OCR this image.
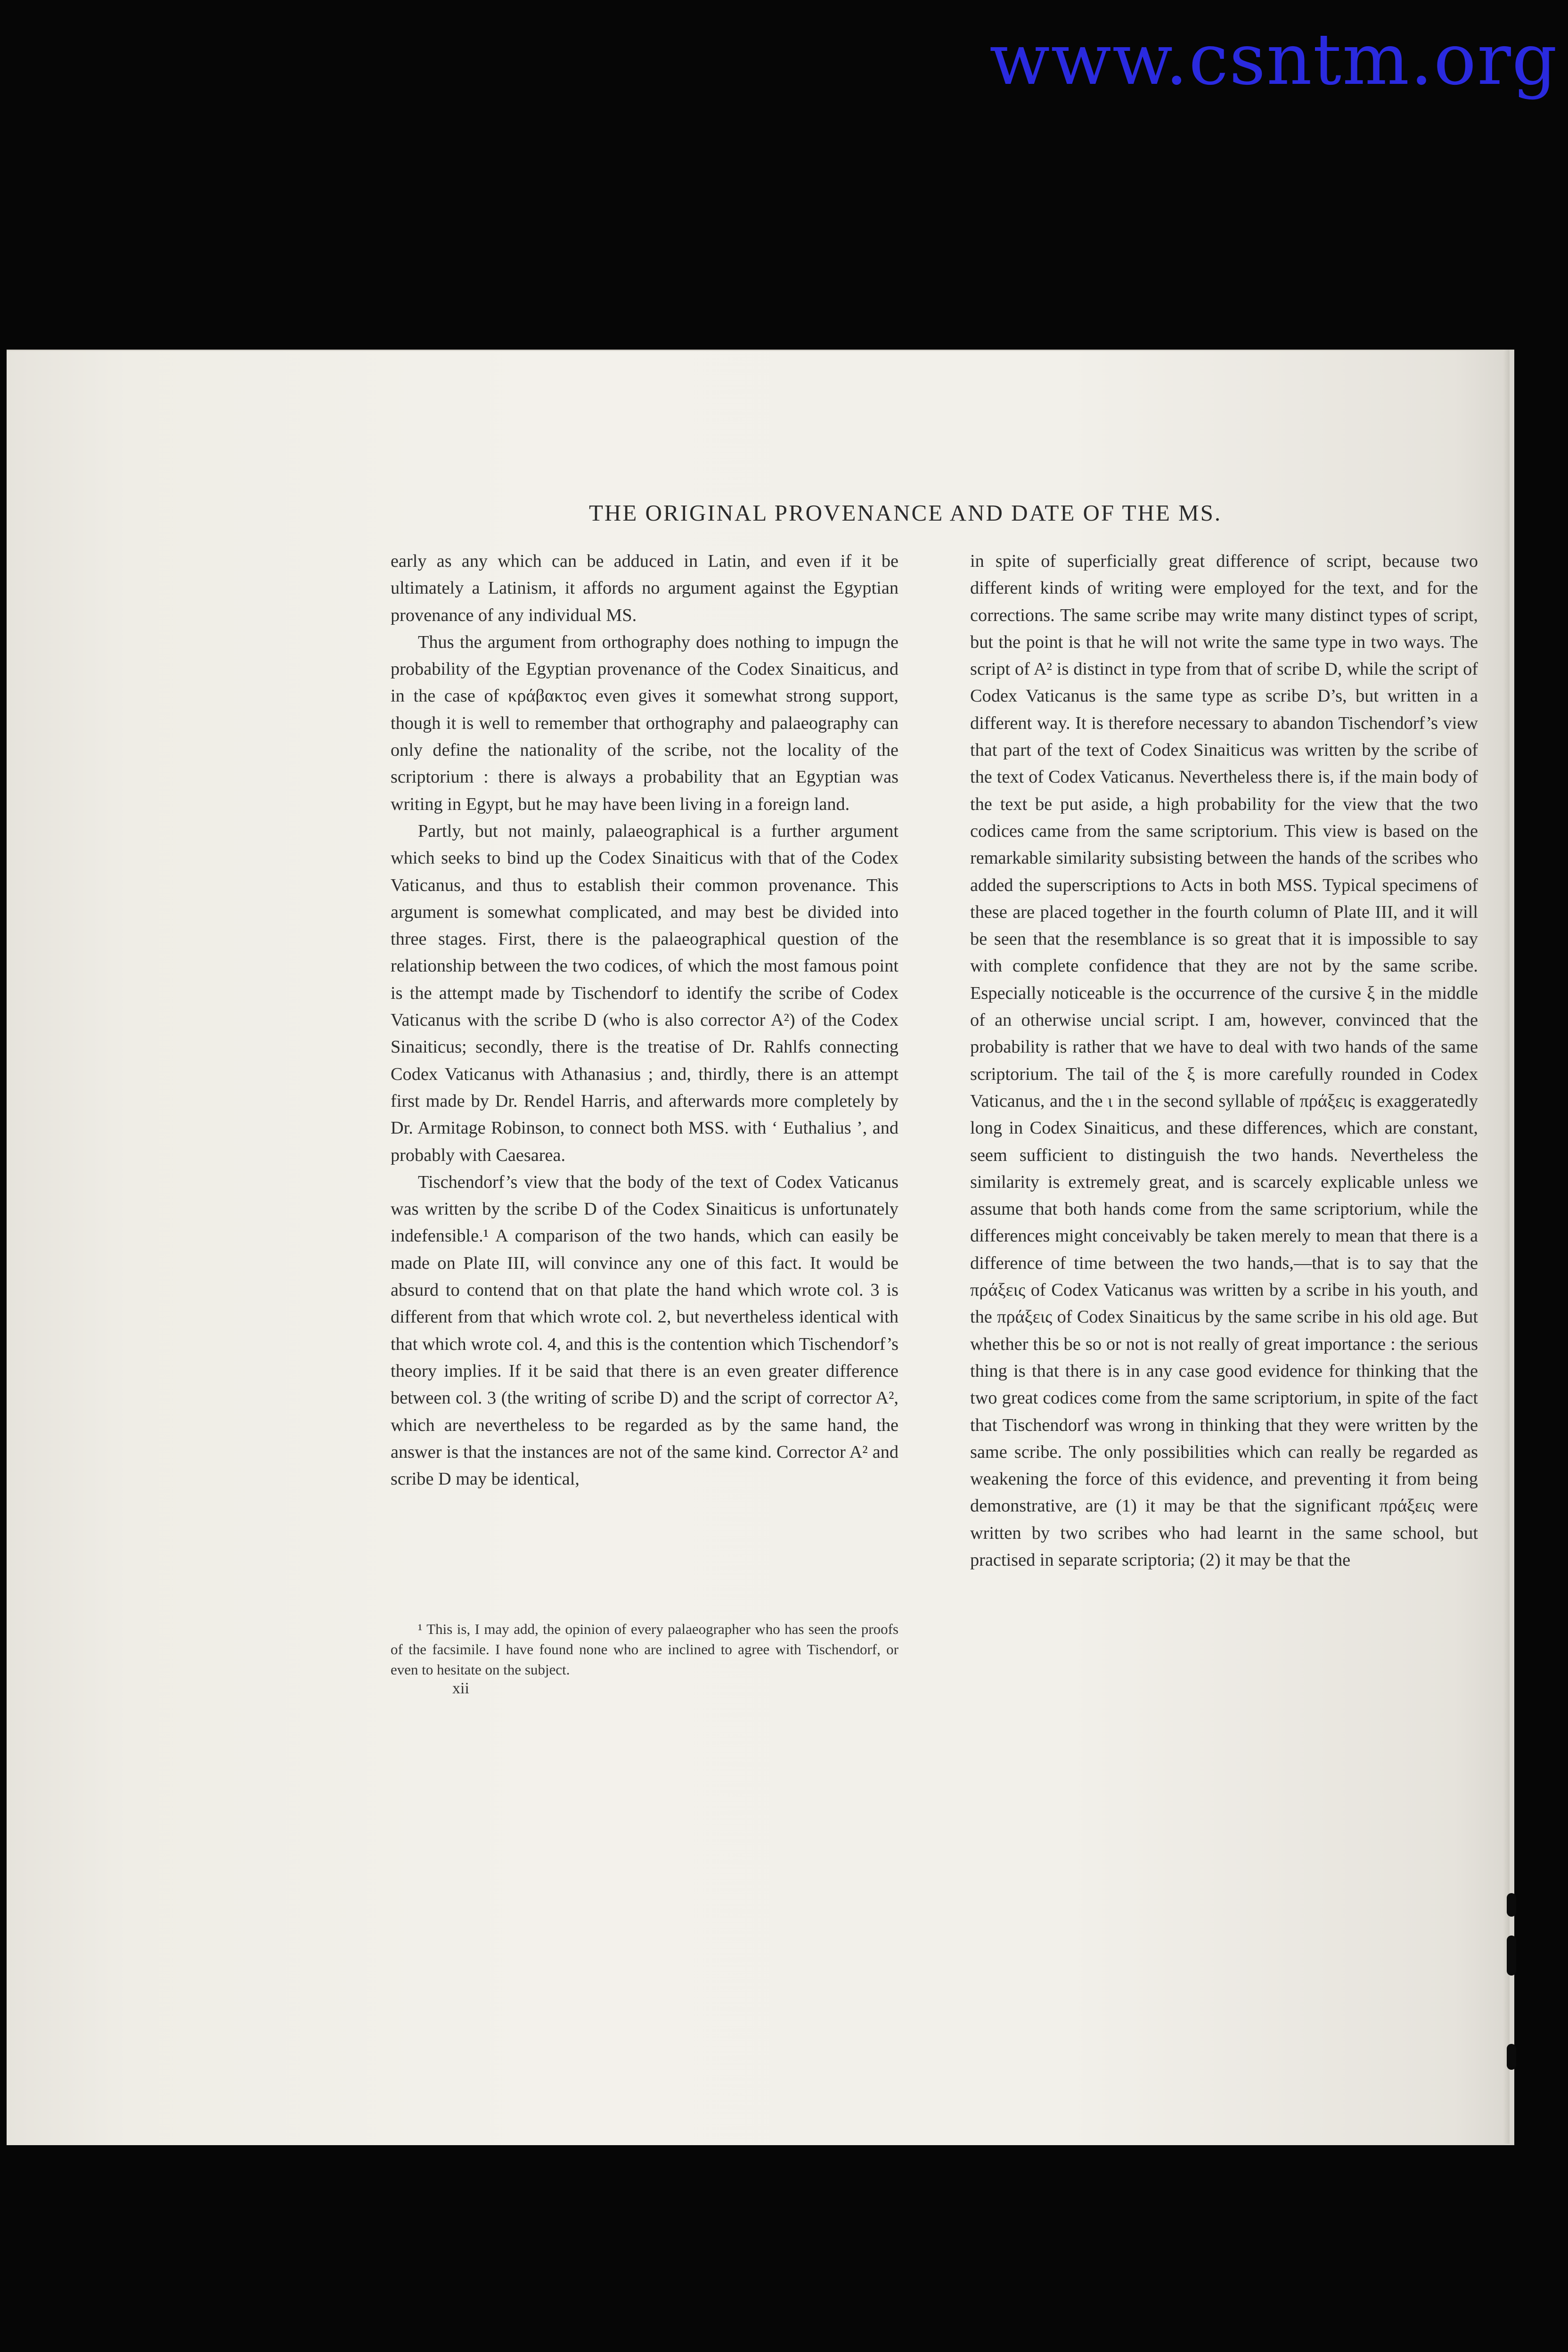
www.csntm.org
THE ORIGINAL PROVENANCE AND DATE OF THE MS.

early as any which can be adduced in Latin, and even if it be ultimately a Latinism, it affords no argument against the Egyptian provenance of any individual MS.

Thus the argument from orthography does nothing to impugn the probability of the Egyptian provenance of the Codex Sinaiticus, and in the case of κράβακτος even gives it somewhat strong support, though it is well to remember that orthography and palaeography can only define the nationality of the scribe, not the locality of the scriptorium : there is always a probability that an Egyptian was writing in Egypt, but he may have been living in a foreign land.

Partly, but not mainly, palaeographical is a further argument which seeks to bind up the Codex Sinaiticus with that of the Codex Vaticanus, and thus to establish their common provenance. This argument is somewhat complicated, and may best be divided into three stages. First, there is the palaeographical question of the relationship between the two codices, of which the most famous point is the attempt made by Tischendorf to identify the scribe of Codex Vaticanus with the scribe D (who is also corrector A²) of the Codex Sinaiticus; secondly, there is the treatise of Dr. Rahlfs connecting Codex Vaticanus with Athanasius ; and, thirdly, there is an attempt first made by Dr. Rendel Harris, and afterwards more completely by Dr. Armitage Robinson, to connect both MSS. with ‘ Euthalius ’, and probably with Caesarea.

Tischendorf’s view that the body of the text of Codex Vaticanus was written by the scribe D of the Codex Sinaiticus is unfortunately indefensible.¹ A comparison of the two hands, which can easily be made on Plate III, will convince any one of this fact. It would be absurd to contend that on that plate the hand which wrote col. 3 is different from that which wrote col. 2, but nevertheless identical with that which wrote col. 4, and this is the contention which Tischendorf’s theory implies. If it be said that there is an even greater difference between col. 3 (the writing of scribe D) and the script of corrector A², which are nevertheless to be regarded as by the same hand, the answer is that the instances are not of the same kind. Corrector A² and scribe D may be identical,

in spite of superficially great difference of script, because two different kinds of writing were employed for the text, and for the corrections. The same scribe may write many distinct types of script, but the point is that he will not write the same type in two ways. The script of A² is distinct in type from that of scribe D, while the script of Codex Vaticanus is the same type as scribe D’s, but written in a different way. It is therefore necessary to abandon Tischendorf’s view that part of the text of Codex Sinaiticus was written by the scribe of the text of Codex Vaticanus. Nevertheless there is, if the main body of the text be put aside, a high probability for the view that the two codices came from the same scriptorium. This view is based on the remarkable similarity subsisting between the hands of the scribes who added the superscriptions to Acts in both MSS. Typical specimens of these are placed together in the fourth column of Plate III, and it will be seen that the resemblance is so great that it is impossible to say with complete confidence that they are not by the same scribe. Especially noticeable is the occurrence of the cursive ξ in the middle of an otherwise uncial script. I am, however, convinced that the probability is rather that we have to deal with two hands of the same scriptorium. The tail of the ξ is more carefully rounded in Codex Vaticanus, and the ι in the second syllable of πράξεις is exaggeratedly long in Codex Sinaiticus, and these differences, which are constant, seem sufficient to distinguish the two hands. Nevertheless the similarity is extremely great, and is scarcely explicable unless we assume that both hands come from the same scriptorium, while the differences might conceivably be taken merely to mean that there is a difference of time between the two hands,—that is to say that the πράξεις of Codex Vaticanus was written by a scribe in his youth, and the πράξεις of Codex Sinaiticus by the same scribe in his old age. But whether this be so or not is not really of great importance : the serious thing is that there is in any case good evidence for thinking that the two great codices come from the same scriptorium, in spite of the fact that Tischendorf was wrong in thinking that they were written by the same scribe. The only possibilities which can really be regarded as weakening the force of this evidence, and preventing it from being demonstrative, are (1) it may be that the significant πράξεις were written by two scribes who had learnt in the same school, but practised in separate scriptoria; (2) it may be that the

¹ This is, I may add, the opinion of every palaeographer who has seen the proofs of the facsimile. I have found none who are inclined to agree with Tischendorf, or even to hesitate on the subject.
xii
